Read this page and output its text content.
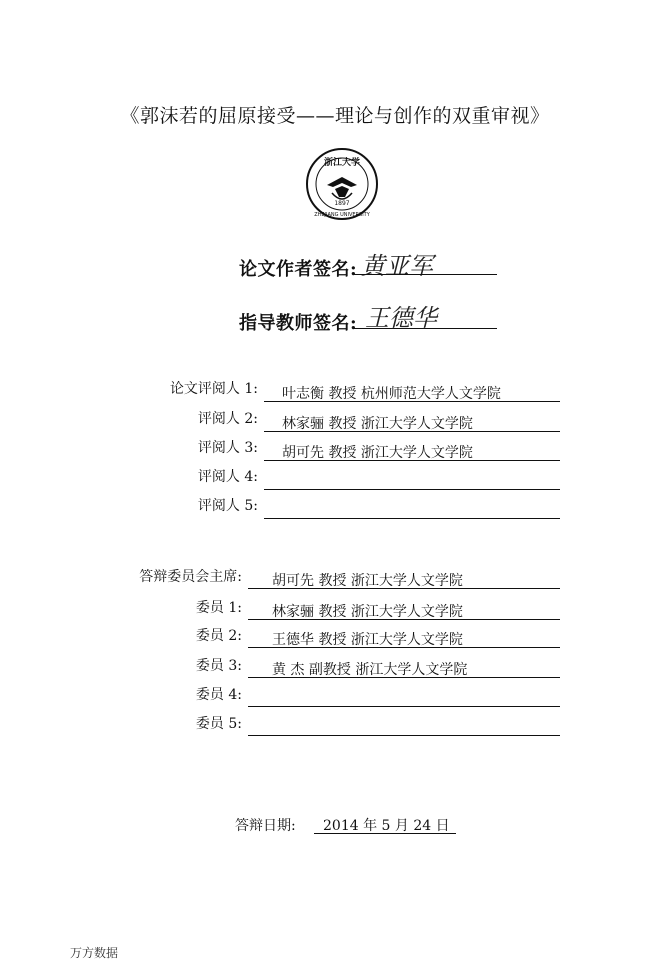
《郭沫若的屈原接受——理论与创作的双重审视》
浙江大学
1897
ZHEJIANG UNIVERSITY
论文作者签名: 黄亚军
指导教师签名: 王德华
论文评阅人 1: 叶志衡 教授 杭州师范大学人文学院
评阅人 2: 林家骊 教授 浙江大学人文学院
评阅人 3: 胡可先 教授 浙江大学人文学院
评阅人 4:
评阅人 5:
答辩委员会主席: 胡可先 教授 浙江大学人文学院
委员 1: 林家骊 教授 浙江大学人文学院
委员 2: 王德华 教授 浙江大学人文学院
委员 3: 黄 杰 副教授 浙江大学人文学院
委员 4:
委员 5:
答辩日期: 2014 年 5 月 24 日
万方数据
